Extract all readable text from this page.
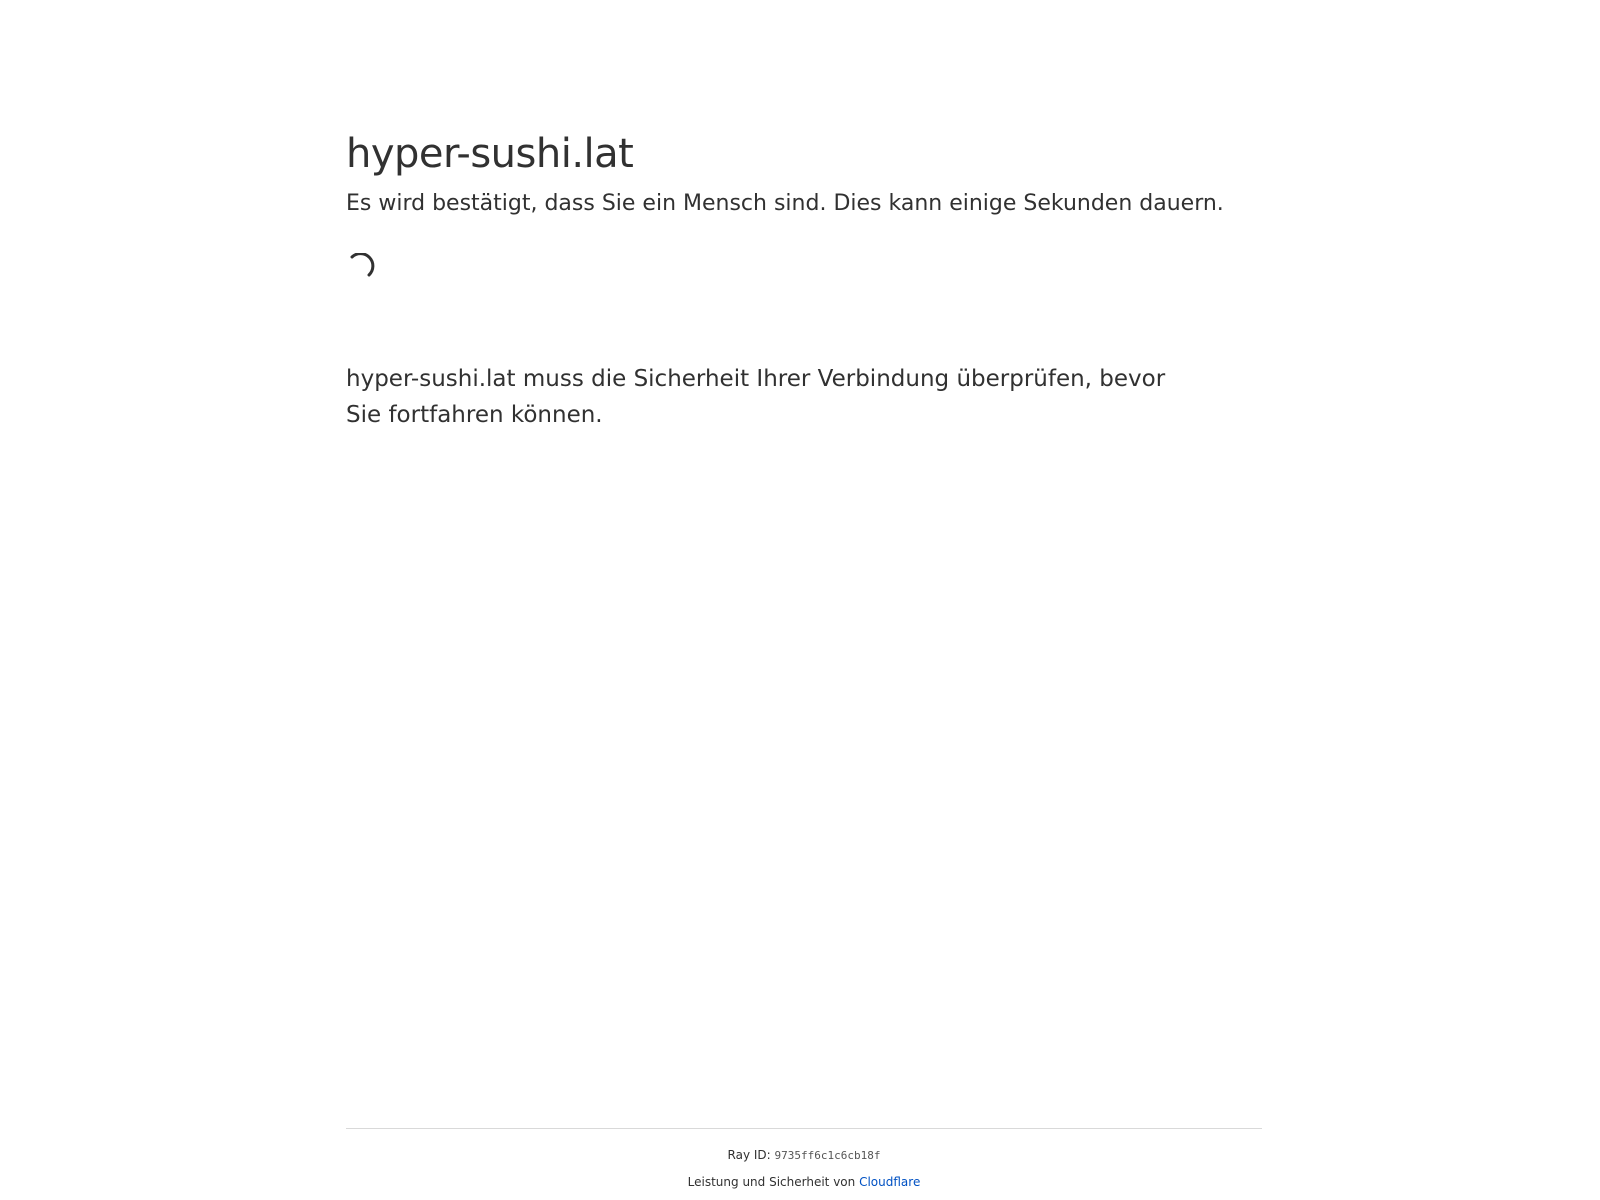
hyper-sushi.lat

Es wird bestätigt, dass Sie ein Mensch sind. Dies kann einige Sekunden dauern.

hyper-sushi.lat muss die Sicherheit Ihrer Verbindung überprüfen, bevor Sie fortfahren können.

Ray ID: 9735ff6c1c6cb18f
Leistung und Sicherheit von Cloudflare
